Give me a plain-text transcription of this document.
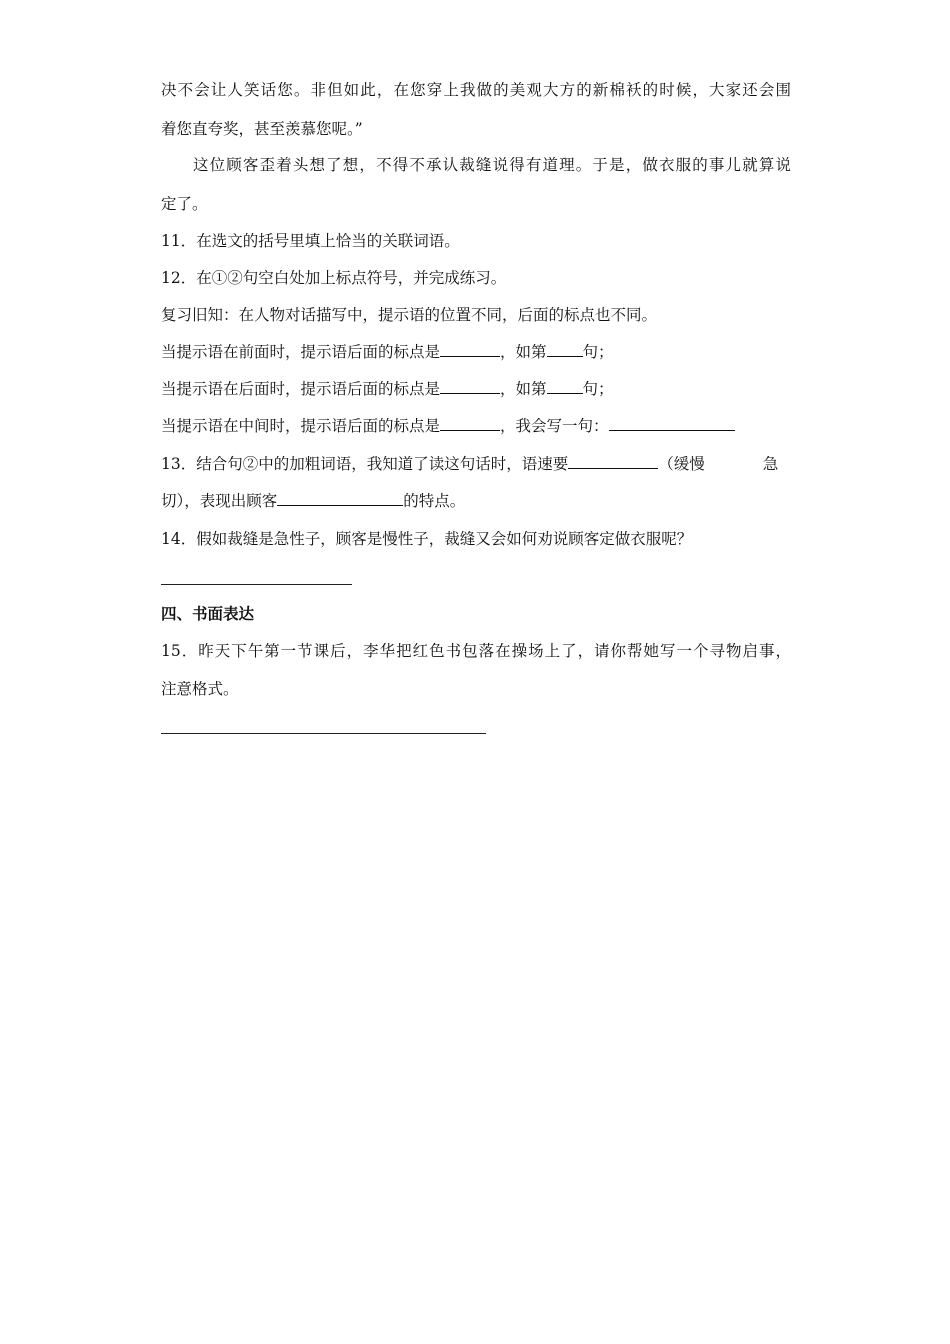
决不会让人笑话您。非但如此，在您穿上我做的美观大方的新棉袄的时候，大家还会围
着您直夸奖，甚至羡慕您呢。”
这位顾客歪着头想了想，不得不承认裁缝说得有道理。于是，做衣服的事儿就算说
定了。
11．在选文的括号里填上恰当的关联词语。
12．在①②句空白处加上标点符号，并完成练习。
复习旧知：在人物对话描写中，提示语的位置不同，后面的标点也不同。
当提示语在前面时，提示语后面的标点是	，如第 句；
当提示语在后面时，提示语后面的标点是	，如第 句；
当提示语在中间时，提示语后面的标点是	，我会写一句：
13．结合句②中的加粗词语，我知道了读这句话时，语速要	（缓慢	急
切），表现出顾客	的特点。
14．假如裁缝是急性子，顾客是慢性子，裁缝又会如何劝说顾客定做衣服呢？
四、书面表达
15．昨天下午第一节课后，李华把红色书包落在操场上了，请你帮她写一个寻物启事，
注意格式。
